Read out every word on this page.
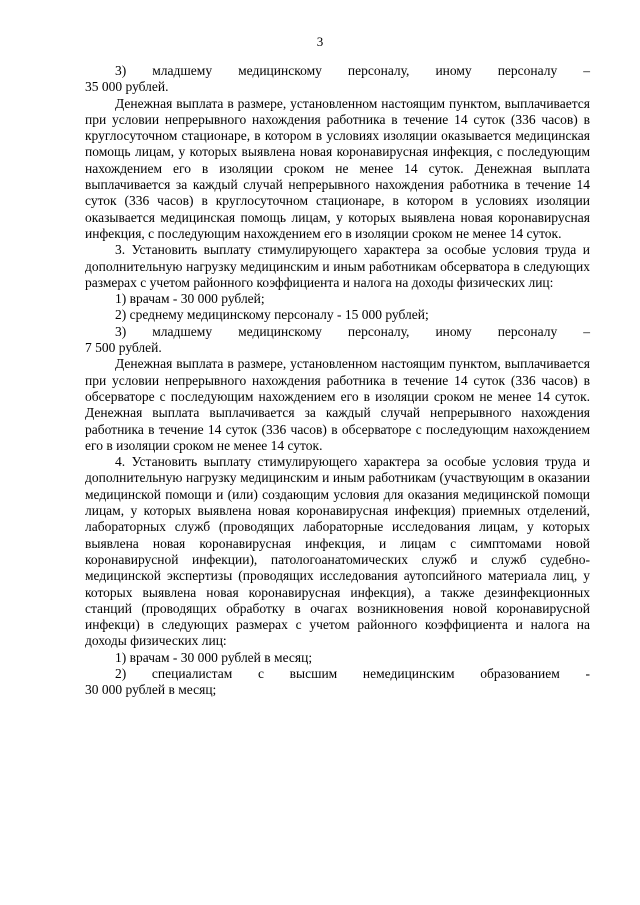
3

3) младшему медицинскому персоналу, иному персоналу –

35 000 рублей.

Денежная выплата в размере, установленном настоящим пунктом, выплачивается при условии непрерывного нахождения работника в течение 14 суток (336 часов) в круглосуточном стационаре, в котором в условиях изоляции оказывается медицинская помощь лицам, у которых выявлена новая коронавирусная инфекция, с последующим нахождением его в изоляции сроком не менее 14 суток. Денежная выплата выплачивается за каждый случай непрерывного нахождения работника в течение 14 суток (336 часов) в круглосуточном стационаре, в котором в условиях изоляции оказывается медицинская помощь лицам, у которых выявлена новая коронавирусная инфекция, с последующим нахождением его в изоляции сроком не менее 14 суток.

3. Установить выплату стимулирующего характера за особые условия труда и дополнительную нагрузку медицинским и иным работникам обсерватора в следующих размерах с учетом районного коэффициента и налога на доходы физических лиц:

1) врачам - 30 000 рублей;

2) среднему медицинскому персоналу - 15 000 рублей;

3) младшему медицинскому персоналу, иному персоналу –

7 500 рублей.

Денежная выплата в размере, установленном настоящим пунктом, выплачивается при условии непрерывного нахождения работника в течение 14 суток (336 часов) в обсерваторе с последующим нахождением его в изоляции сроком не менее 14 суток. Денежная выплата выплачивается за каждый случай непрерывного нахождения работника в течение 14 суток (336 часов) в обсерваторе с последующим нахождением его в изоляции сроком не менее 14 суток.

4. Установить выплату стимулирующего характера за особые условия труда и дополнительную нагрузку медицинским и иным работникам (участвующим в оказании медицинской помощи и (или) создающим условия для оказания медицинской помощи лицам, у которых выявлена новая коронавирусная инфекция) приемных отделений, лабораторных служб (проводящих лабораторные исследования лицам, у которых выявлена новая коронавирусная инфекция, и лицам с симптомами новой коронавирусной инфекции), патологоанатомических служб и служб судебно-медицинской экспертизы (проводящих исследования аутопсийного материала лиц, у которых выявлена новая коронавирусная инфекция), а также дезинфекционных станций (проводящих обработку в очагах возникновения новой коронавирусной инфекци) в следующих размерах с учетом районного коэффициента и налога на доходы физических лиц:

1) врачам - 30 000 рублей в месяц;

2) специалистам с высшим немедицинским образованием -

30 000 рублей в месяц;
